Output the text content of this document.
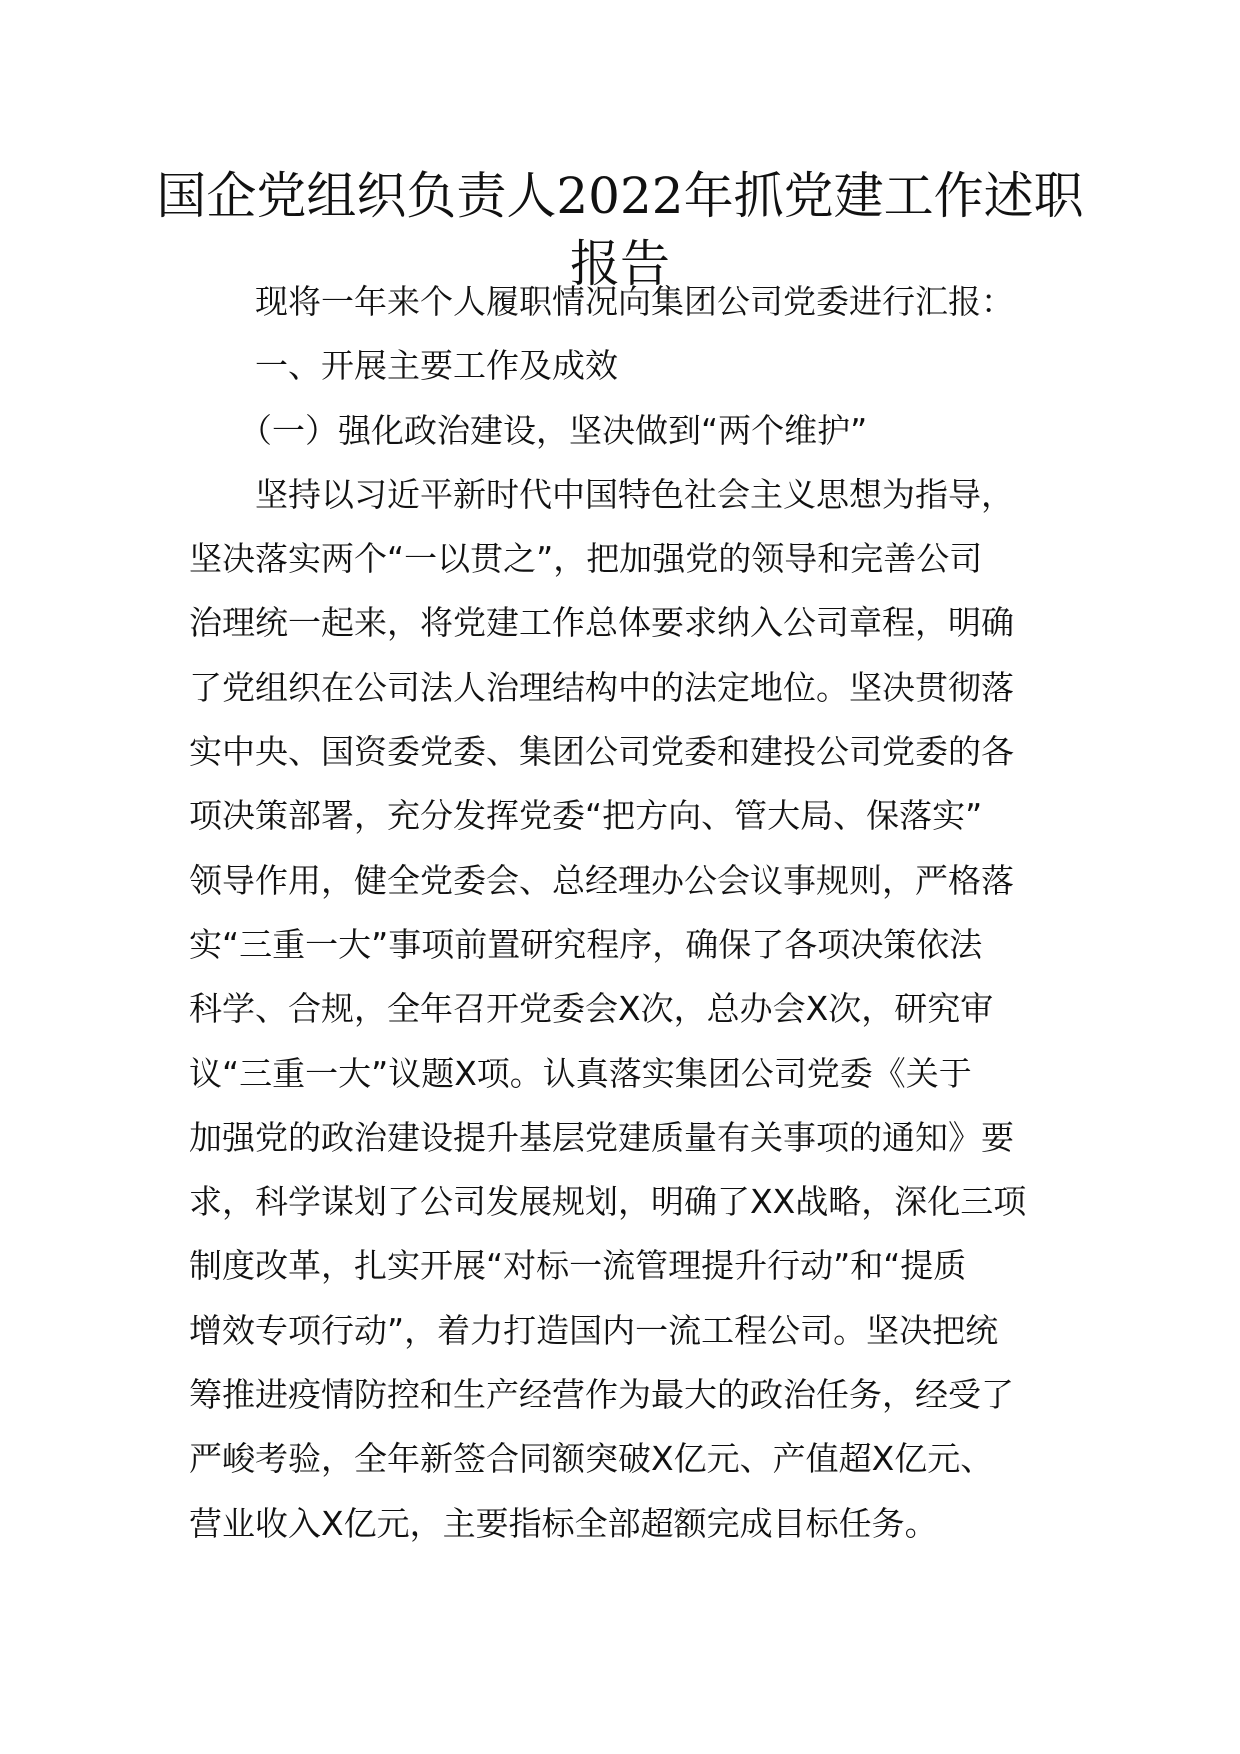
国企党组织负责人2022年抓党建工作述职
报告

现将一年来个人履职情况向集团公司党委进行汇报：

一、开展主要工作及成效

（一）强化政治建设，坚决做到“两个维护”

坚持以习近平新时代中国特色社会主义思想为指导，
坚决落实两个“一以贯之”，把加强党的领导和完善公司
治理统一起来，将党建工作总体要求纳入公司章程，明确
了党组织在公司法人治理结构中的法定地位。坚决贯彻落
实中央、国资委党委、集团公司党委和建投公司党委的各
项决策部署，充分发挥党委“把方向、管大局、保落实”
领导作用，健全党委会、总经理办公会议事规则，严格落
实“三重一大”事项前置研究程序，确保了各项决策依法
科学、合规，全年召开党委会X次，总办会X次，研究审
议“三重一大”议题X项。认真落实集团公司党委《关于
加强党的政治建设提升基层党建质量有关事项的通知》要
求，科学谋划了公司发展规划，明确了XX战略，深化三项
制度改革，扎实开展“对标一流管理提升行动”和“提质
增效专项行动”，着力打造国内一流工程公司。坚决把统
筹推进疫情防控和生产经营作为最大的政治任务，经受了
严峻考验，全年新签合同额突破X亿元、产值超X亿元、
营业收入X亿元，主要指标全部超额完成目标任务。
